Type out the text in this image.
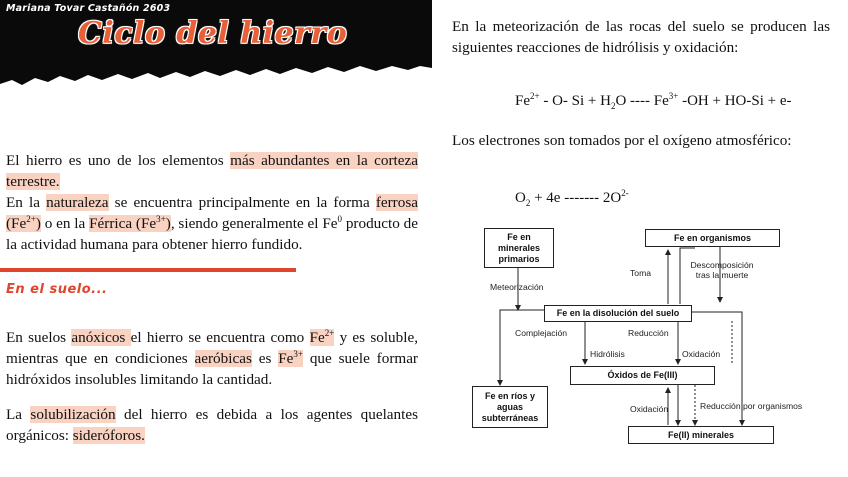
Mariana Tovar Castañón 2603
Ciclo del hierro
El hierro es uno de los elementos más abundantes en la corteza terrestre.
En la naturaleza se encuentra principalmente en la forma ferrosa $(Fe^{2+})$ o en la Férrica $(Fe^{3+})$, siendo generalmente el Fe$^0$ producto de la actividad humana para obtener hierro fundido.
En el suelo...
En suelos anóxicos el hierro se encuentra como $Fe^{2+}$ y es soluble, mientras que en condiciones aeróbicas es $Fe^{3+}$ que suele formar hidróxidos insolubles limitando la cantidad.
La solubilización del hierro es debida a los agentes quelantes orgánicos: sideróforos.
En la meteorización de las rocas del suelo se producen las siguientes reacciones de hidrólisis y oxidación:
$Fe^{2+} - O-$ $Si + H_2O$ ---- $Fe^{3+}$ -OH + HO-Si + e-
Los electrones son tomados por el oxígeno atmosférico:
$O_2 + 4e$ ------- $2O^{2-}$
Fe en minerales primarios
Fe en organismos
Fe en la disolución del suelo
Óxidos de Fe(III)
Fe en ríos y aguas subterráneas
Fe(II) minerales
Toma
Descomposición tras la muerte
Meteorización
Complejación	Reducción
Hidrólisis	Oxidación
Oxidación	Reducción por organismos
